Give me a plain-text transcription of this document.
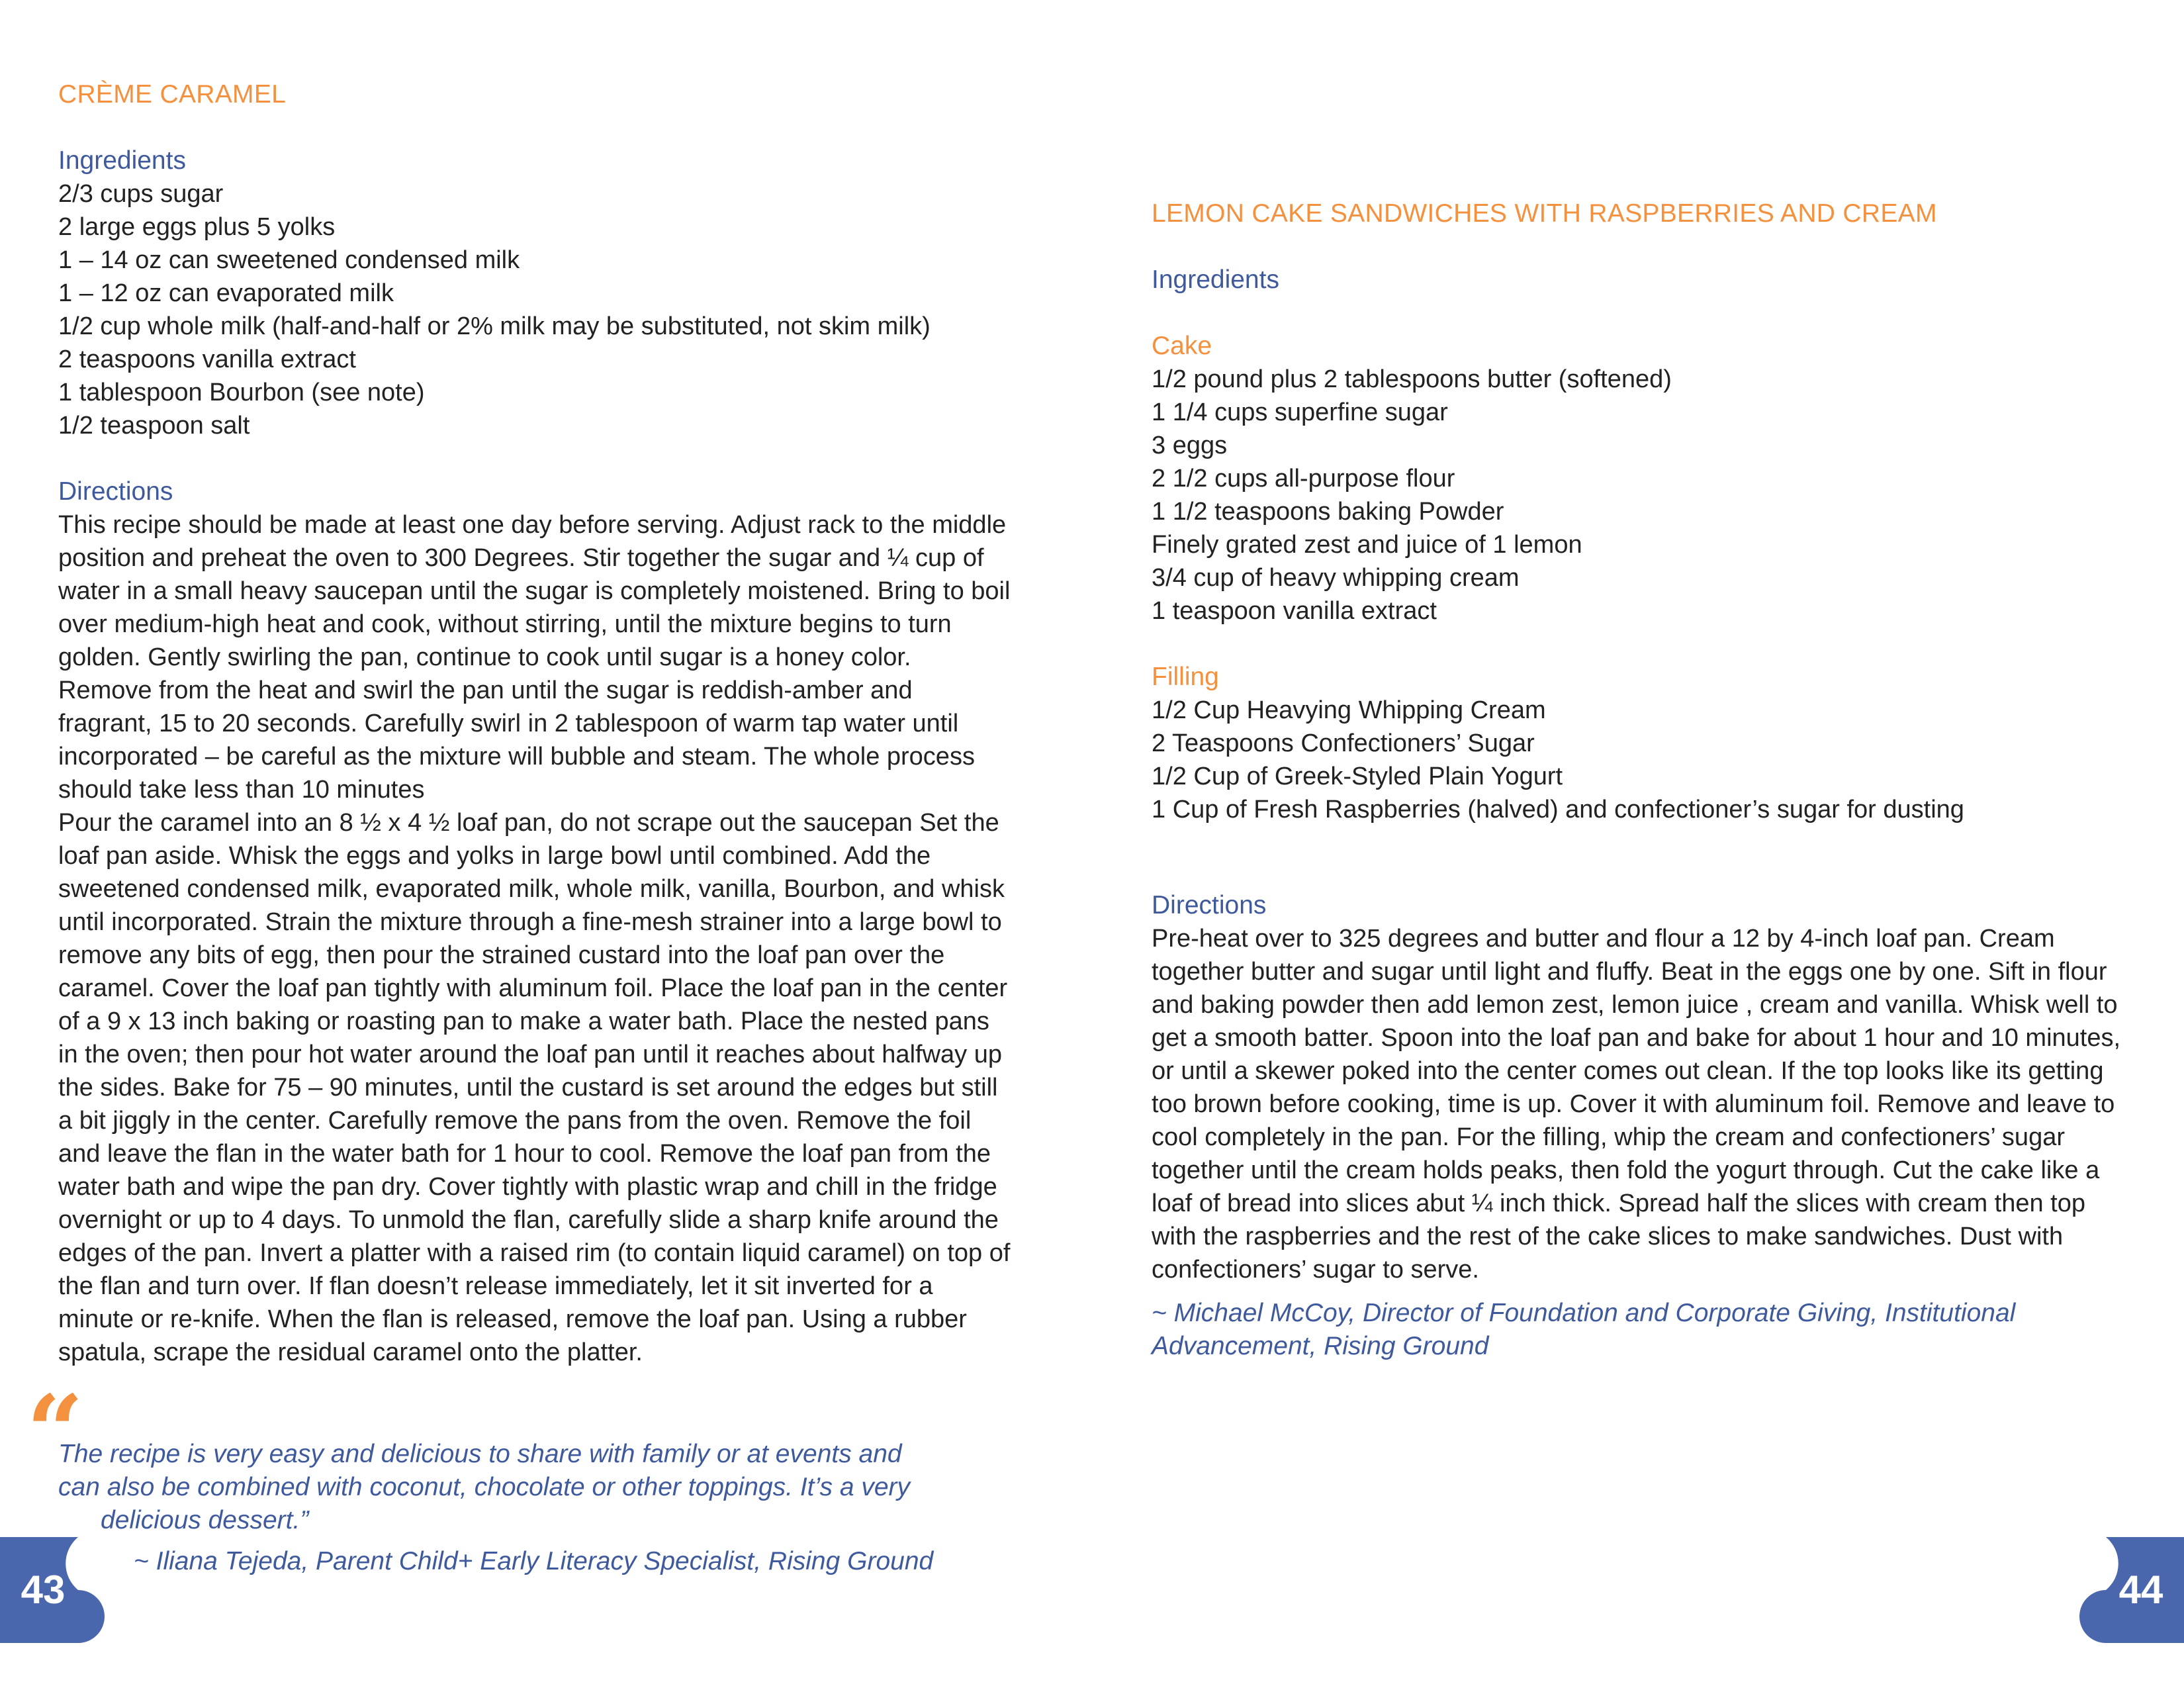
CRÈME CARAMEL
Ingredients
2/3 cups sugar
2 large eggs plus 5 yolks
1 – 14 oz can sweetened condensed milk
1 – 12 oz can evaporated milk
1/2 cup whole milk (half-and-half or 2% milk may be substituted, not skim milk)
2 teaspoons vanilla extract
1 tablespoon Bourbon (see note)
1/2 teaspoon salt
Directions

This recipe should be made at least one day before serving. Adjust rack to the middle position and preheat the oven to 300 Degrees. Stir together the sugar and ¼ cup of water in a small heavy saucepan until the sugar is completely moistened. Bring to boil over medium-high heat and cook, without stirring, until the mixture begins to turn golden. Gently swirling the pan, continue to cook until sugar is a honey color. Remove from the heat and swirl the pan until the sugar is reddish-amber and fragrant, 15 to 20 seconds. Carefully swirl in 2 tablespoon of warm tap water until incorporated – be careful as the mixture will bubble and steam. The whole process should take less than 10 minutes

Pour the caramel into an 8 ½ x 4 ½ loaf pan, do not scrape out the saucepan Set the loaf pan aside. Whisk the eggs and yolks in large bowl until combined. Add the sweetened condensed milk, evaporated milk, whole milk, vanilla, Bourbon, and whisk until incorporated. Strain the mixture through a fine-mesh strainer into a large bowl to remove any bits of egg, then pour the strained custard into the loaf pan over the caramel. Cover the loaf pan tightly with aluminum foil. Place the loaf pan in the center of a 9 x 13 inch baking or roasting pan to make a water bath. Place the nested pans in the oven; then pour hot water around the loaf pan until it reaches about halfway up the sides. Bake for 75 – 90 minutes, until the custard is set around the edges but still a bit jiggly in the center. Carefully remove the pans from the oven. Remove the foil and leave the flan in the water bath for 1 hour to cool. Remove the loaf pan from the water bath and wipe the pan dry. Cover tightly with plastic wrap and chill in the fridge overnight or up to 4 days. To unmold the flan, carefully slide a sharp knife around the edges of the pan. Invert a platter with a raised rim (to contain liquid caramel) on top of the flan and turn over. If flan doesn’t release immediately, let it sit inverted for a minute or re-knife. When the flan is released, remove the loaf pan. Using a rubber spatula, scrape the residual caramel onto the platter.

“
The recipe is very easy and delicious to share with family or at events and
can also be combined with coconut, chocolate or other toppings. It’s a very
delicious dessert.”
~ Iliana Tejeda, Parent Child+ Early Literacy Specialist, Rising Ground
43
LEMON CAKE SANDWICHES WITH RASPBERRIES AND CREAM
Ingredients
Cake
1/2 pound plus 2 tablespoons butter (softened)
1 1/4 cups superfine sugar
3 eggs
2 1/2 cups all-purpose flour
1 1/2 teaspoons baking Powder
Finely grated zest and juice of 1 lemon
3/4 cup of heavy whipping cream
1 teaspoon vanilla extract
Filling
1/2 Cup Heavying Whipping Cream
2 Teaspoons Confectioners’ Sugar
1/2 Cup of Greek-Styled Plain Yogurt
1 Cup of Fresh Raspberries (halved) and confectioner’s sugar for dusting
Directions

Pre-heat over to 325 degrees and butter and flour a 12 by 4-inch loaf pan. Cream together butter and sugar until light and fluffy. Beat in the eggs one by one. Sift in flour and baking powder then add lemon zest, lemon juice , cream and vanilla. Whisk well to get a smooth batter. Spoon into the loaf pan and bake for about 1 hour and 10 minutes, or until a skewer poked into the center comes out clean. If the top looks like its getting too brown before cooking, time is up. Cover it with aluminum foil. Remove and leave to cool completely in the pan. For the filling, whip the cream and confectioners’ sugar together until the cream holds peaks, then fold the yogurt through. Cut the cake like a loaf of bread into slices abut ¼ inch thick. Spread half the slices with cream then top with the raspberries and the rest of the cake slices to make sandwiches. Dust with confectioners’ sugar to serve.

~ Michael McCoy, Director of Foundation and Corporate Giving, Institutional Advancement, Rising Ground
44
